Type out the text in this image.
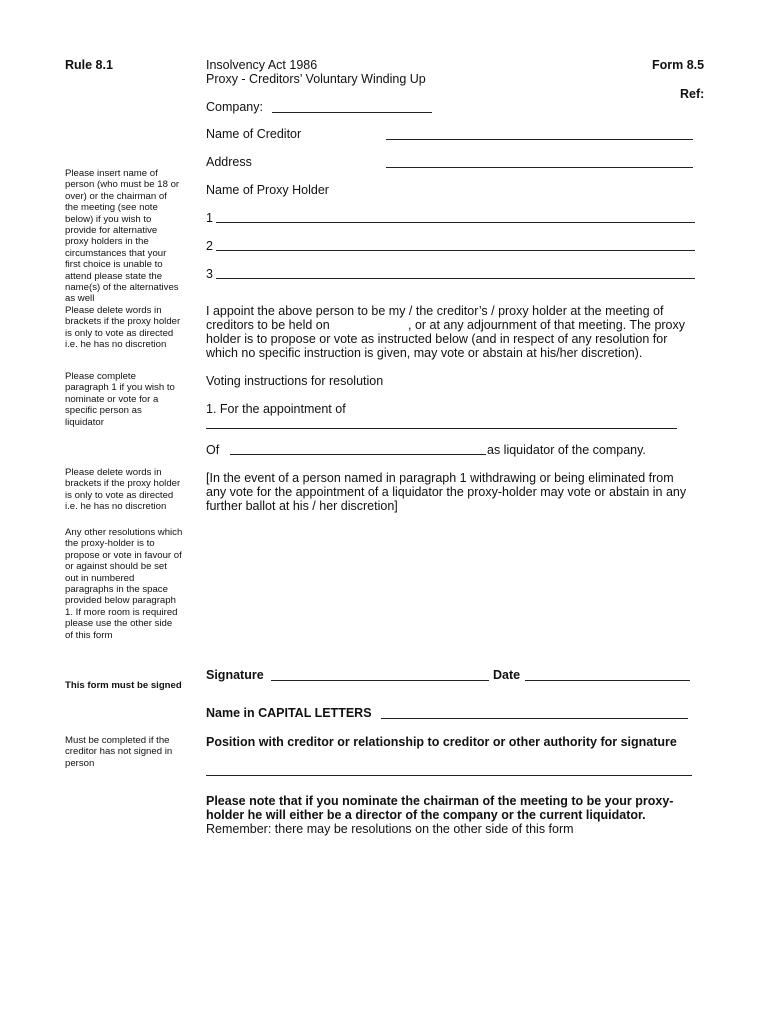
Rule 8.1	Insolvency Act 1986
Proxy - Creditors’ Voluntary Winding Up
Form 8.5
Ref:
Company:
Name of Creditor
Address
Name of Proxy Holder
1
2
3
I appoint the above person to be my / the creditor’s / proxy holder at the meeting of
creditors to be held on	, or at any adjournment of that meeting. The proxy
holder is to propose or vote as instructed below (and in respect of any resolution for
which no specific instruction is given, may vote or abstain at his/her discretion).
Voting instructions for resolution
1. For the appointment of
Of	as liquidator of the company.
[In the event of a person named in paragraph 1 withdrawing or being eliminated from
any vote for the appointment of a liquidator the proxy-holder may vote or abstain in any
further ballot at his / her discretion]
Signature	Date
Name in CAPITAL LETTERS
Position with creditor or relationship to creditor or other authority for signature
Please note that if you nominate the chairman of the meeting to be your proxy-
holder he will either be a director of the company or the current liquidator.
Remember: there may be resolutions on the other side of this form
Please insert name of
person (who must be 18 or
over) or the chairman of
the meeting (see note
below) if you wish to
provide for alternative
proxy holders in the
circumstances that your
first choice is unable to
attend please state the
name(s) of the alternatives
as well
Please delete words in
brackets if the proxy holder
is only to vote as directed
i.e. he has no discretion
Please complete
paragraph 1 if you wish to
nominate or vote for a
specific person as
liquidator
Please delete words in
brackets if the proxy holder
is only to vote as directed
i.e. he has no discretion
Any other resolutions which
the proxy-holder is to
propose or vote in favour of
or against should be set
out in numbered
paragraphs in the space
provided below paragraph
1. If more room is required
please use the other side
of this form
This form must be signed
Must be completed if the
creditor has not signed in
person
